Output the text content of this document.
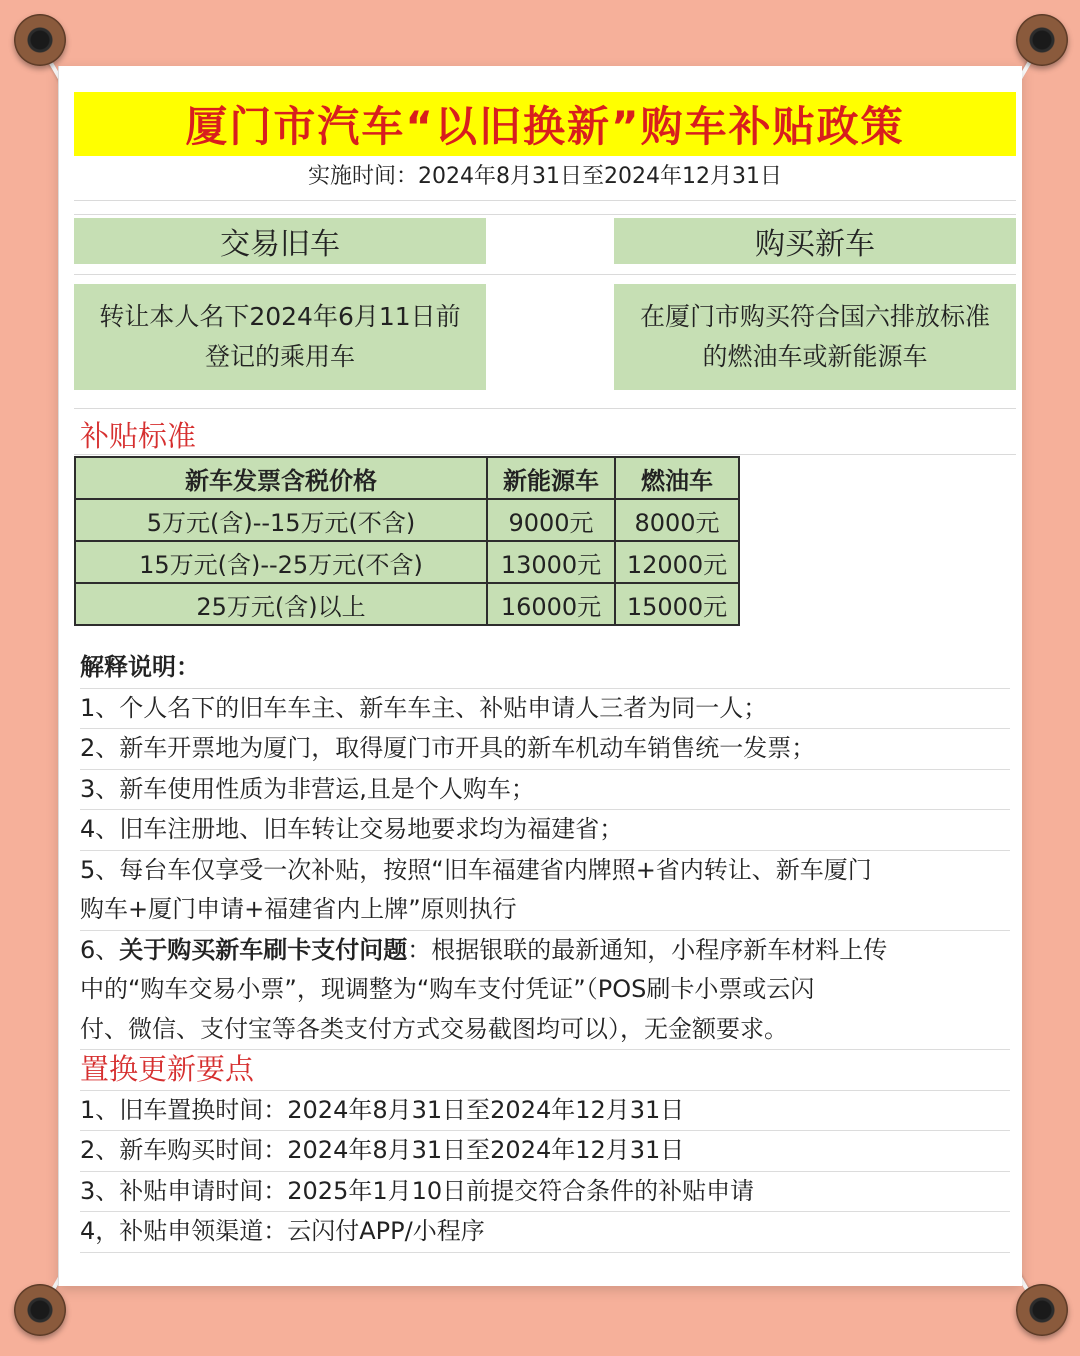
厦门市汽车“以旧换新”购车补贴政策
实施时间：2024年8月31日至2024年12月31日
交易旧车	购买新车
转让本人名下2024年6月11日前
登记的乘用车
在厦门市购买符合国六排放标准
的燃油车或新能源车
补贴标准
新车发票含税价格	新能源车	燃油车
5万元(含)--15万元(不含)	9000元	8000元
15万元(含)--25万元(不含)	13000元	12000元
25万元(含)以上	16000元	15000元
解释说明：
1、个人名下的旧车车主、新车车主、补贴申请人三者为同一人；
2、新车开票地为厦门，取得厦门市开具的新车机动车销售统一发票；
3、新车使用性质为非营运,且是个人购车；
4、旧车注册地、旧车转让交易地要求均为福建省；
5、每台车仅享受一次补贴，按照“旧车福建省内牌照+省内转让、新车厦门
购车+厦门申请+福建省内上牌”原则执行
6、关于购买新车刷卡支付问题：根据银联的最新通知，小程序新车材料上传
中的“购车交易小票”，现调整为“购车支付凭证”（POS刷卡小票或云闪
付、微信、支付宝等各类支付方式交易截图均可以），无金额要求。
置换更新要点
1、旧车置换时间：2024年8月31日至2024年12月31日
2、新车购买时间：2024年8月31日至2024年12月31日
3、补贴申请时间：2025年1月10日前提交符合条件的补贴申请
4，补贴申领渠道：云闪付APP/小程序
